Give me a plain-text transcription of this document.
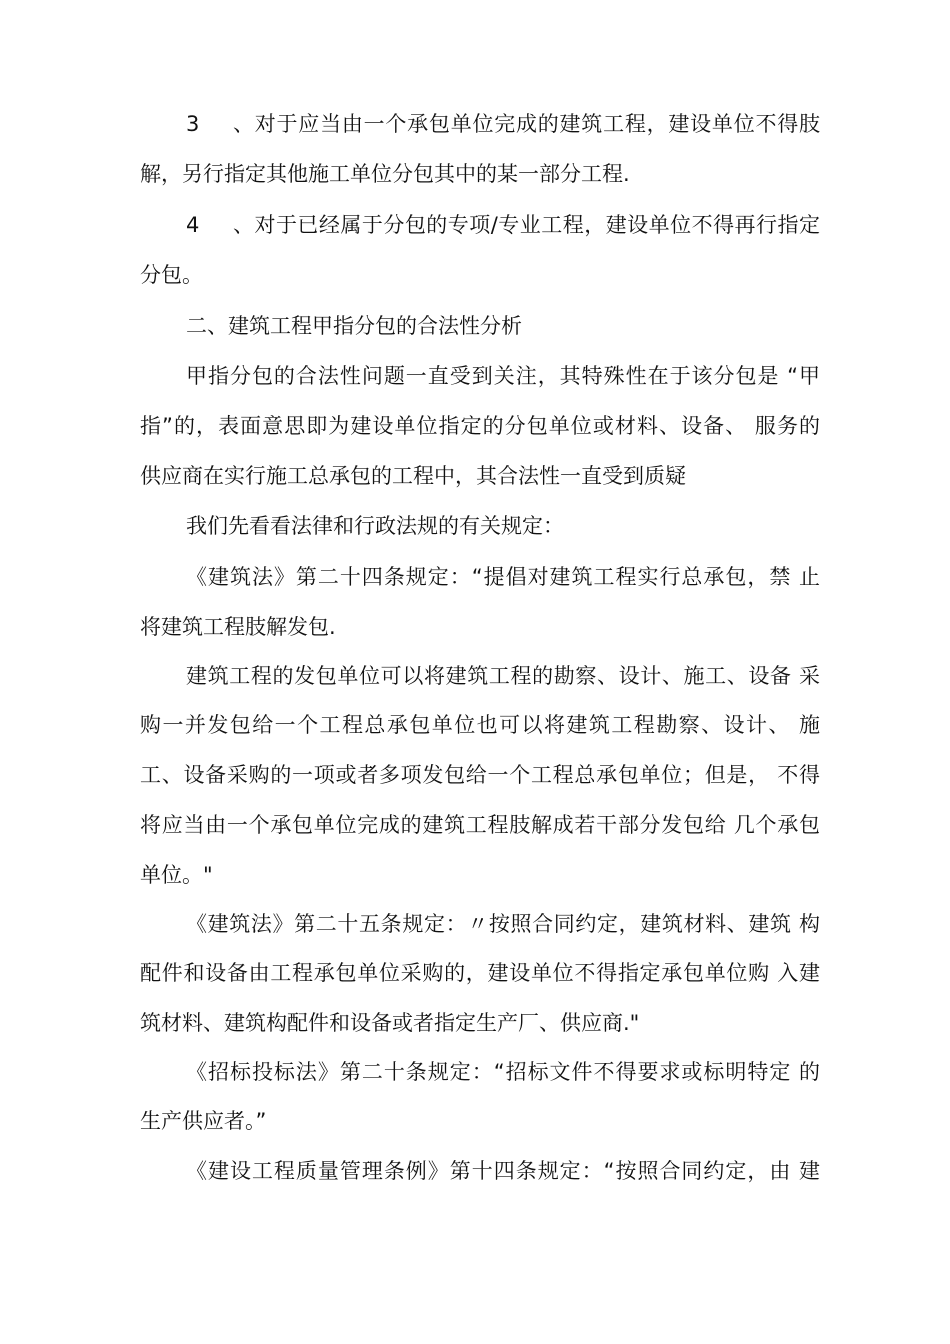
3、对于应当由一个承包单位完成的建筑工程，建设单位不得肢
解，另行指定其他施工单位分包其中的某一部分工程.
4、对于已经属于分包的专项/专业工程，建设单位不得再行指定
分包。
二、建筑工程甲指分包的合法性分析
甲指分包的合法性问题一直受到关注，其特殊性在于该分包是 “甲
指”的，表面意思即为建设单位指定的分包单位或材料、设备、 服务的
供应商在实行施工总承包的工程中，其合法性一直受到质疑
我们先看看法律和行政法规的有关规定：
《建筑法》第二十四条规定：“提倡对建筑工程实行总承包，禁 止
将建筑工程肢解发包.
建筑工程的发包单位可以将建筑工程的勘察、设计、施工、设备 采
购一并发包给一个工程总承包单位也可以将建筑工程勘察、设计、 施
工、设备采购的一项或者多项发包给一个工程总承包单位；但是， 不得
将应当由一个承包单位完成的建筑工程肢解成若干部分发包给 几个承包
单位。"
《建筑法》第二十五条规定：〃按照合同约定，建筑材料、建筑 构
配件和设备由工程承包单位采购的，建设单位不得指定承包单位购 入建
筑材料、建筑构配件和设备或者指定生产厂、供应商."
《招标投标法》第二十条规定：“招标文件不得要求或标明特定 的
生产供应者。”
《建设工程质量管理条例》第十四条规定：“按照合同约定，由 建
